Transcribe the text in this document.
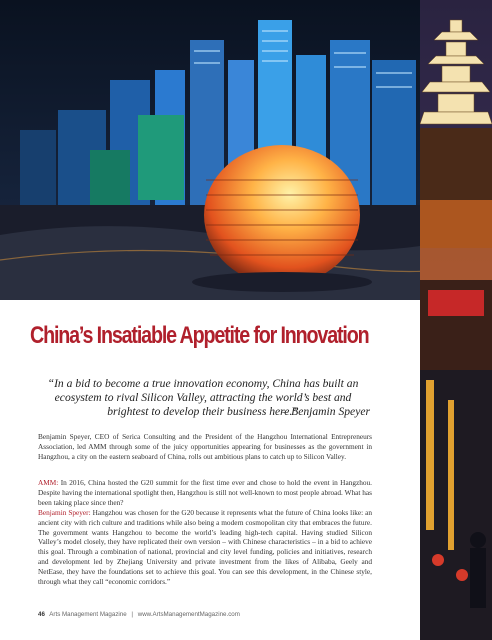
China’s Insatiable Appetite for Innovation

“In a bid to become a true innovation economy, China has built an ecosystem to rival Silicon Valley, attracting the world’s best and brightest to develop their business here.”

– Benjamin Speyer

Benjamin Speyer, CEO of Serica Consulting and the President of the Hangzhou International Entrepreneurs Association, led AMM through some of the juicy opportunities appearing for businesses as the government in Hangzhou, a city on the eastern seaboard of China, rolls out ambitious plans to catch up to Silicon Valley.

AMM: In 2016, China hosted the G20 summit for the first time ever and chose to hold the event in Hangzhou. Despite having the international spotlight then, Hangzhou is still not well-known to most people abroad. What has been taking place since then?
Benjamin Speyer: Hangzhou was chosen for the G20 because it represents what the future of China looks like: an ancient city with rich culture and traditions while also being a modern cosmopolitan city that embraces the future. The government wants Hangzhou to become the world’s leading high-tech capital. Having studied Silicon Valley’s model closely, they have replicated their own version – with Chinese characteristics – in a bid to achieve this goal. Through a combination of national, provincial and city level funding, policies and initiatives, research and development led by Zhejiang University and private investment from the likes of Alibaba, Geely and NetEase, they have the foundations set to achieve this goal. You can see this development, in the Chinese style, through what they call “economic corridors.”

46 Arts Management Magazine | www.ArtsManagementMagazine.com
